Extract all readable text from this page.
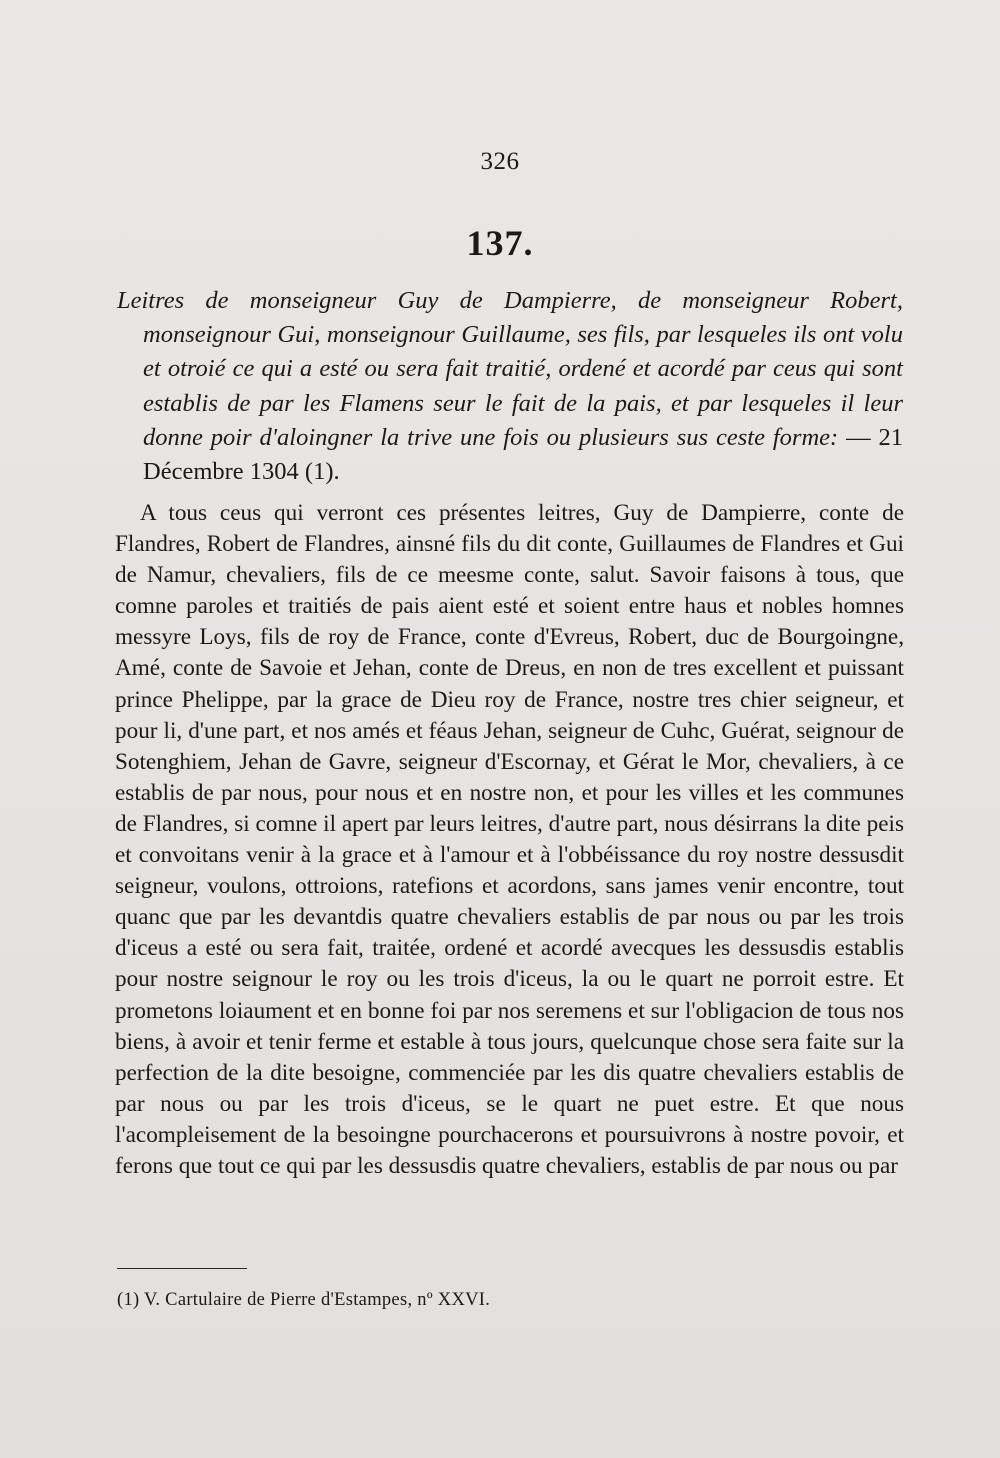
326
137.
Leitres de monseigneur Guy de Dampierre, de monseigneur Robert, monseignour Gui, monseignour Guillaume, ses fils, par lesqueles ils ont volu et otroié ce qui a esté ou sera fait traitié, ordené et acordé par ceus qui sont establis de par les Flamens seur le fait de la pais, et par lesqueles il leur donne poir d'aloingner la trive une fois ou plusieurs sus ceste forme: — 21 Décembre 1304 (1).

A tous ceus qui verront ces présentes leitres, Guy de Dampierre, conte de Flandres, Robert de Flandres, ainsné fils du dit conte, Guillaumes de Flandres et Gui de Namur, chevaliers, fils de ce meesme conte, salut. Savoir faisons à tous, que comne paroles et traitiés de pais aient esté et soient entre haus et nobles homnes messyre Loys, fils de roy de France, conte d'Evreus, Robert, duc de Bourgoingne, Amé, conte de Savoie et Jehan, conte de Dreus, en non de tres excellent et puissant prince Phelippe, par la grace de Dieu roy de France, nostre tres chier seigneur, et pour li, d'une part, et nos amés et féaus Jehan, seigneur de Cuhc, Guérat, seignour de Sotenghiem, Jehan de Gavre, seigneur d'Escornay, et Gérat le Mor, chevaliers, à ce establis de par nous, pour nous et en nostre non, et pour les villes et les communes de Flandres, si comne il apert par leurs leitres, d'autre part, nous désirrans la dite peis et convoitans venir à la grace et à l'amour et à l'obbéissance du roy nostre dessusdit seigneur, voulons, ottroions, ratefions et acordons, sans james venir encontre, tout quanc que par les devantdis quatre chevaliers establis de par nous ou par les trois d'iceus a esté ou sera fait, traitée, ordené et acordé avecques les dessusdis establis pour nostre seignour le roy ou les trois d'iceus, la ou le quart ne porroit estre. Et prometons loiaument et en bonne foi par nos seremens et sur l'obligacion de tous nos biens, à avoir et tenir ferme et estable à tous jours, quelcunque chose sera faite sur la perfection de la dite besoigne, commenciée par les dis quatre chevaliers establis de par nous ou par les trois d'iceus, se le quart ne puet estre. Et que nous l'acompleisement de la besoingne pourchacerons et poursuivrons à nostre povoir, et ferons que tout ce qui par les dessusdis quatre chevaliers, establis de par nous ou par

(1) V. Cartulaire de Pierre d'Estampes, nº XXVI.
